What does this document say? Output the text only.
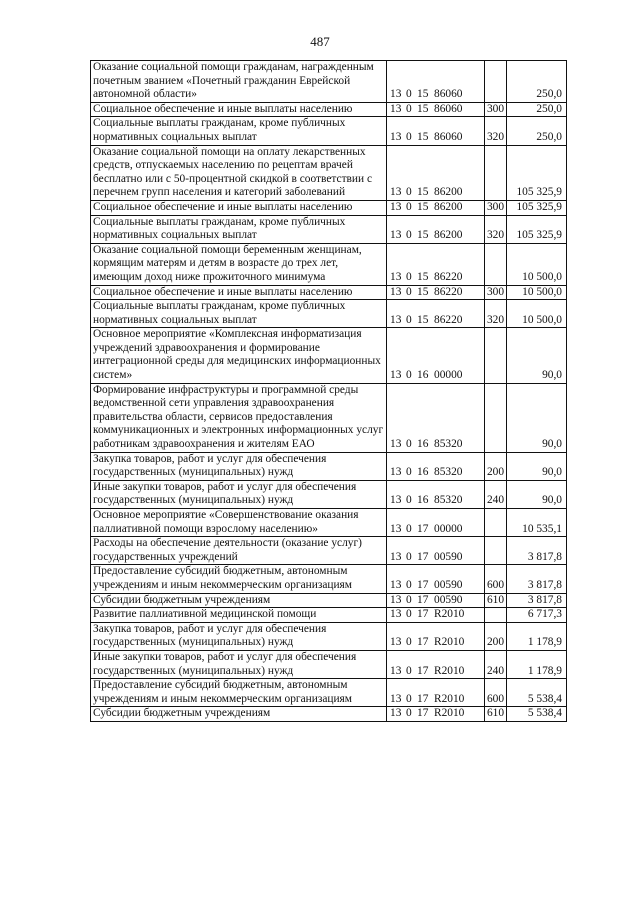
487
Оказание социальной помощи гражданам, награжденным почетным званием «Почетный гражданин Еврейской автономной области»	13 0 15 86060		250,0
Социальное обеспечение и иные выплаты населению	13 0 15 86060	300	250,0
Социальные выплаты гражданам, кроме публичных нормативных социальных выплат	13 0 15 86060	320	250,0
Оказание социальной помощи на оплату лекарственных средств, отпускаемых населению по рецептам врачей бесплатно или с 50-процентной скидкой в соответствии с перечнем групп населения и категорий заболеваний	13 0 15 86200		105 325,9
Социальное обеспечение и иные выплаты населению	13 0 15 86200	300	105 325,9
Социальные выплаты гражданам, кроме публичных нормативных социальных выплат	13 0 15 86200	320	105 325,9
Оказание социальной помощи беременным женщинам, кормящим матерям и детям в возрасте до трех лет, имеющим доход ниже прожиточного минимума	13 0 15 86220		10 500,0
Социальное обеспечение и иные выплаты населению	13 0 15 86220	300	10 500,0
Социальные выплаты гражданам, кроме публичных нормативных социальных выплат	13 0 15 86220	320	10 500,0
Основное мероприятие «Комплексная информатизация учреждений здравоохранения и формирование интеграционной среды для медицинских информационных систем»	13 0 16 00000		90,0
Формирование инфраструктуры и программной среды ведомственной сети управления здравоохранения правительства области, сервисов предоставления коммуникационных и электронных информационных услуг работникам здравоохранения и жителям ЕАО	13 0 16 85320		90,0
Закупка товаров, работ и услуг для обеспечения государственных (муниципальных) нужд	13 0 16 85320	200	90,0
Иные закупки товаров, работ и услуг для обеспечения государственных (муниципальных) нужд	13 0 16 85320	240	90,0
Основное мероприятие «Совершенствование оказания паллиативной помощи взрослому населению»	13 0 17 00000		10 535,1
Расходы на обеспечение деятельности (оказание услуг) государственных учреждений	13 0 17 00590		3 817,8
Предоставление субсидий бюджетным, автономным учреждениям и иным некоммерческим организациям	13 0 17 00590	600	3 817,8
Субсидии бюджетным учреждениям	13 0 17 00590	610	3 817,8
Развитие паллиативной медицинской помощи	13 0 17 R2010		6 717,3
Закупка товаров, работ и услуг для обеспечения государственных (муниципальных) нужд	13 0 17 R2010	200	1 178,9
Иные закупки товаров, работ и услуг для обеспечения государственных (муниципальных) нужд	13 0 17 R2010	240	1 178,9
Предоставление субсидий бюджетным, автономным учреждениям и иным некоммерческим организациям	13 0 17 R2010	600	5 538,4
Субсидии бюджетным учреждениям	13 0 17 R2010	610	5 538,4
